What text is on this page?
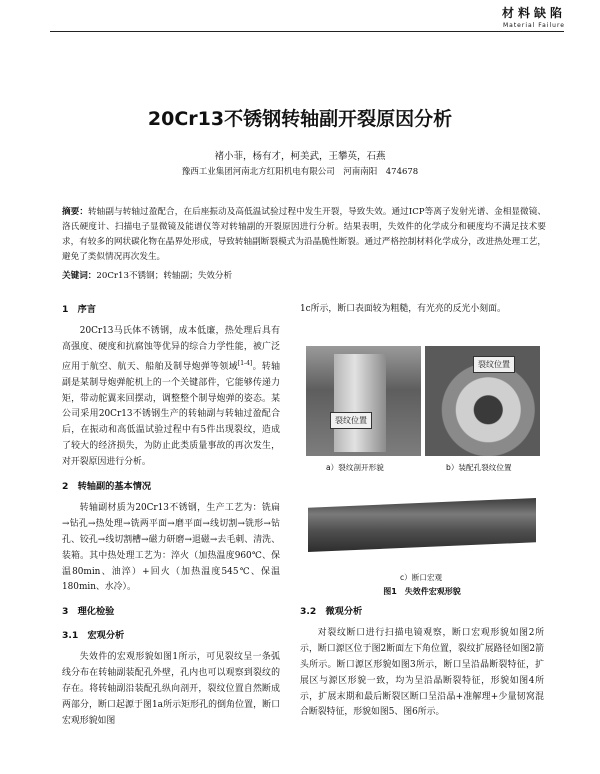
材料缺陷
Material Failure
20Cr13不锈钢转轴副开裂原因分析
褚小菲，杨有才，柯美武，王攀英，石燕
豫西工业集团河南北方红阳机电有限公司　河南南阳　474678
摘要：转轴副与转轴过盈配合，在后座振动及高低温试验过程中发生开裂，导致失效。通过ICP等离子发射光谱、金相显微镜、洛氏硬度计、扫描电子显微镜及能谱仪等对转轴副的开裂原因进行分析。结果表明，失效件的化学成分和硬度均不满足技术要求，有较多的网状碳化物在晶界处形成，导致转轴副断裂模式为沿晶脆性断裂。通过严格控制材料化学成分，改进热处理工艺，避免了类似情况再次发生。
关键词：20Cr13不锈钢；转轴副；失效分析
1　序言

20Cr13马氏体不锈钢，成本低廉，热处理后具有高强度、硬度和抗腐蚀等优异的综合力学性能，被广泛应用于航空、航天、船舶及制导炮弹等领域[1-4]。转轴副是某制导炮弹舵机上的一个关键部件，它能够传递力矩，带动舵翼来回摆动，调整整个制导炮弹的姿态。某公司采用20Cr13不锈钢生产的转轴副与转轴过盈配合后，在振动和高低温试验过程中有5件出现裂纹，造成了较大的经济损失，为防止此类质量事故的再次发生，对开裂原因进行分析。

2　转轴副的基本情况

转轴副材质为20Cr13不锈钢，生产工艺为：铣扁→钻孔→热处理→铣两平面→磨平面→线切割→铣形→钻孔、铰孔→线切割槽→磁力研磨→退磁→去毛刺、清洗、装箱。其中热处理工艺为：淬火（加热温度960℃、保温80min、油淬）+回火（加热温度545℃、保温180min、水冷）。

3　理化检验
3.1　宏观分析

失效件的宏观形貌如图1所示，可见裂纹呈一条弧线分布在转轴副装配孔外壁，孔内也可以观察到裂纹的存在。将转轴副沿装配孔纵向剖开，裂纹位置自然断成两部分，断口起源于图1a所示矩形孔的倒角位置，断口宏观形貌如图

1c所示，断口表面较为粗糙，有光亮的反光小刻面。
裂纹位置
裂纹位置
a）裂纹剖开形貌	b）装配孔裂纹位置
c）断口宏观
图1　失效件宏观形貌
3.2　微观分析

对裂纹断口进行扫描电镜观察，断口宏观形貌如图2所示，断口源区位于图2断面左下角位置，裂纹扩展路径如图2箭头所示。断口源区形貌如图3所示，断口呈沿晶断裂特征，扩展区与源区形貌一致，均为呈沿晶断裂特征，形貌如图4所示，扩展末期和最后断裂区断口呈沿晶+准解理+少量韧窝混合断裂特征，形貌如图5、图6所示。
